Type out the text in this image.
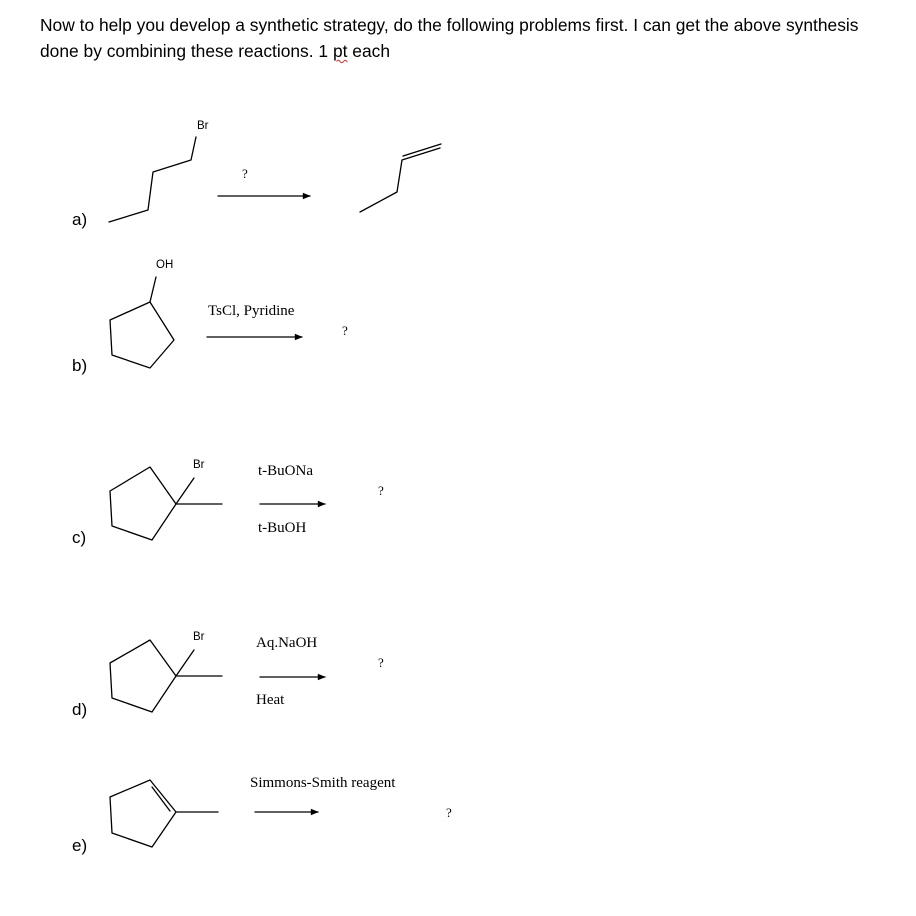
Now to help you develop a synthetic strategy, do the following problems first. I can get the above synthesis done by combining these reactions. 1 pt each

a)
b)
c)
d)
e)
Br
OH
Br
Br
?
TsCl, Pyridine
?
t-BuONa
t-BuOH
?
Aq.NaOH
Heat
?
Simmons-Smith reagent
?
